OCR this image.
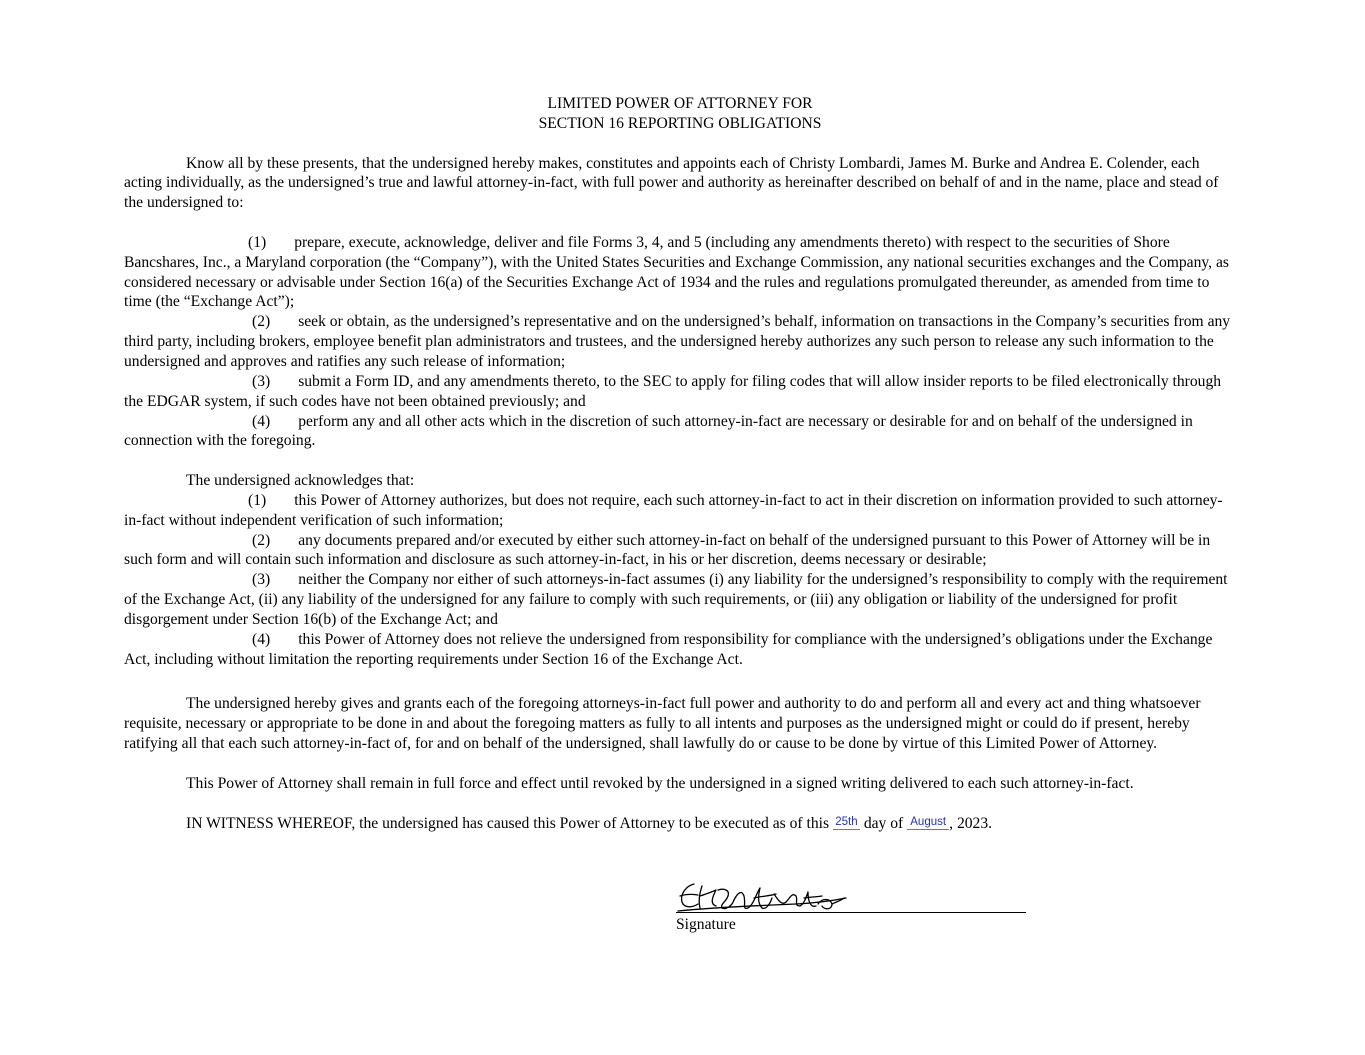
LIMITED POWER OF ATTORNEY FOR

SECTION 16 REPORTING OBLIGATIONS

Know all by these presents, that the undersigned hereby makes, constitutes and appoints each of Christy Lombardi, James M. Burke and Andrea E. Colender, each acting individually, as the undersigned’s true and lawful attorney-in-fact, with full power and authority as hereinafter described on behalf of and in the name, place and stead of the undersigned to:

(1) prepare, execute, acknowledge, deliver and file Forms 3, 4, and 5 (including any amendments thereto) with respect to the securities of Shore Bancshares, Inc., a Maryland corporation (the “Company”), with the United States Securities and Exchange Commission, any national securities exchanges and the Company, as considered necessary or advisable under Section 16(a) of the Securities Exchange Act of 1934 and the rules and regulations promulgated thereunder, as amended from time to time (the “Exchange Act”);

(2) seek or obtain, as the undersigned’s representative and on the undersigned’s behalf, information on transactions in the Company’s securities from any third party, including brokers, employee benefit plan administrators and trustees, and the undersigned hereby authorizes any such person to release any such information to the undersigned and approves and ratifies any such release of information;

(3) submit a Form ID, and any amendments thereto, to the SEC to apply for filing codes that will allow insider reports to be filed electronically through the EDGAR system, if such codes have not been obtained previously; and

(4) perform any and all other acts which in the discretion of such attorney-in-fact are necessary or desirable for and on behalf of the undersigned in connection with the foregoing.

The undersigned acknowledges that:

(1) this Power of Attorney authorizes, but does not require, each such attorney-in-fact to act in their discretion on information provided to such attorney-in-fact without independent verification of such information;

(2) any documents prepared and/or executed by either such attorney-in-fact on behalf of the undersigned pursuant to this Power of Attorney will be in such form and will contain such information and disclosure as such attorney-in-fact, in his or her discretion, deems necessary or desirable;

(3) neither the Company nor either of such attorneys-in-fact assumes (i) any liability for the undersigned’s responsibility to comply with the requirement of the Exchange Act, (ii) any liability of the undersigned for any failure to comply with such requirements, or (iii) any obligation or liability of the undersigned for profit disgorgement under Section 16(b) of the Exchange Act; and

(4) this Power of Attorney does not relieve the undersigned from responsibility for compliance with the undersigned’s obligations under the Exchange Act, including without limitation the reporting requirements under Section 16 of the Exchange Act.

The undersigned hereby gives and grants each of the foregoing attorneys-in-fact full power and authority to do and perform all and every act and thing whatsoever requisite, necessary or appropriate to be done in and about the foregoing matters as fully to all intents and purposes as the undersigned might or could do if present, hereby ratifying all that each such attorney-in-fact of, for and on behalf of the undersigned, shall lawfully do or cause to be done by virtue of this Limited Power of Attorney.

This Power of Attorney shall remain in full force and effect until revoked by the undersigned in a signed writing delivered to each such attorney-in-fact.

IN WITNESS WHEREOF, the undersigned has caused this Power of Attorney to be executed as of this 25th day of August , 2023.

Signature
